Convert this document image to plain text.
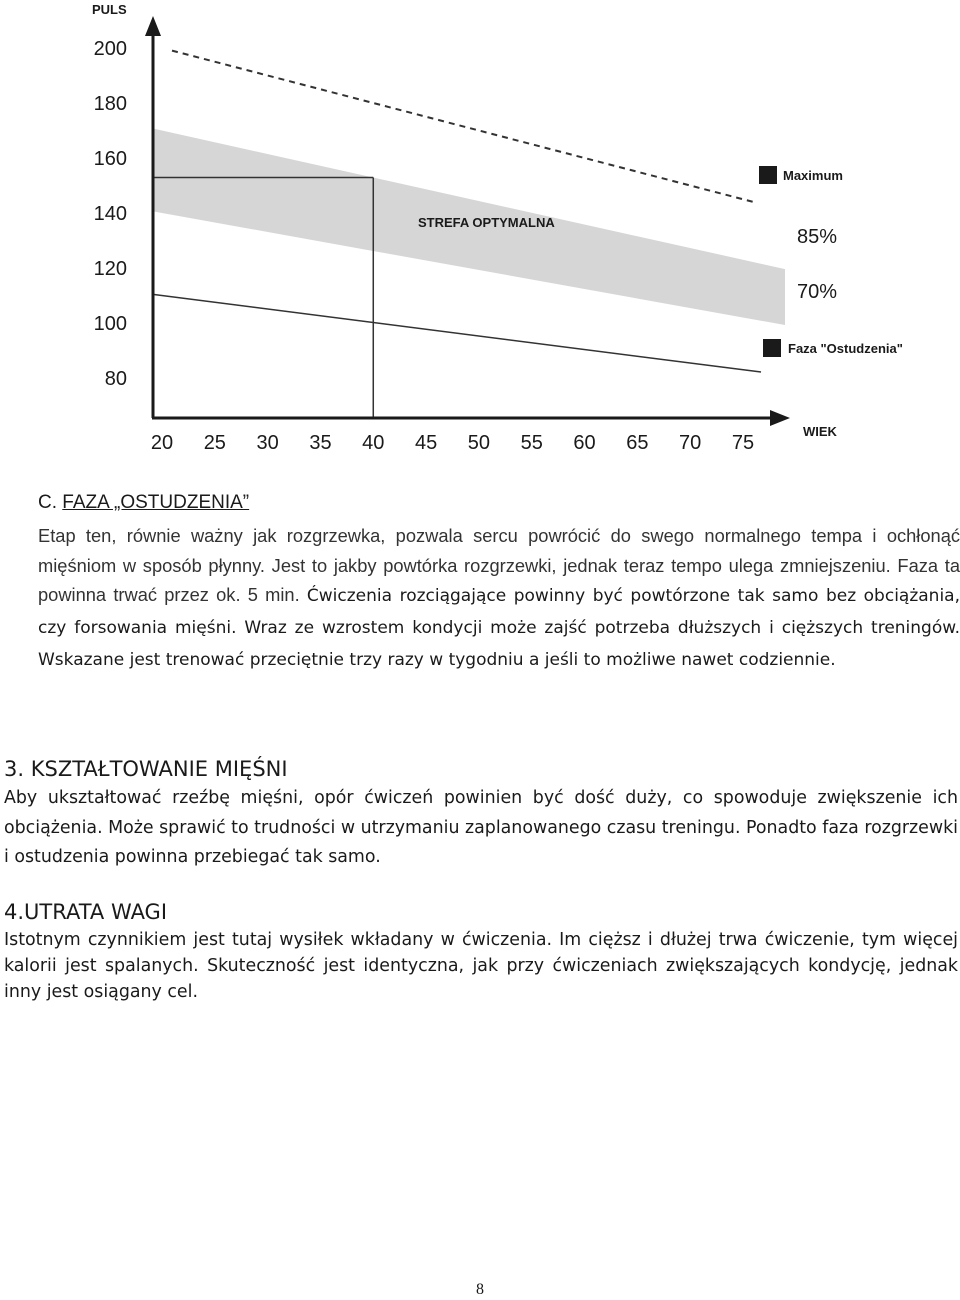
PULS
WIEK
200
180
160
140
120
100
80
20 25 30 35 40 45 50 55 60 65 70 75
STREFA OPTYMALNA
Maximum
85%
70%
Faza "Ostudzenia"
C. FAZA „OSTUDZENIA”
Etap ten, równie ważny jak rozgrzewka, pozwala sercu powrócić do swego normalnego tempa i ochłonąć mięśniom w sposób płynny. Jest to jakby powtórka rozgrzewki, jednak teraz tempo ulega zmniejszeniu. Faza ta powinna trwać przez ok. 5 min. Ćwiczenia rozciągające powinny być powtórzone tak samo bez obciążania, czy forsowania mięśni. Wraz ze wzrostem kondycji może zajść potrzeba dłuższych i cięższych treningów. Wskazane jest trenować przeciętnie trzy razy w tygodniu a jeśli to możliwe nawet codziennie.
3. KSZTAŁTOWANIE MIĘŚNI
Aby ukształtować rzeźbę mięśni, opór ćwiczeń powinien być dość duży, co spowoduje zwiększenie ich obciążenia. Może sprawić to trudności w utrzymaniu zaplanowanego czasu treningu. Ponadto faza rozgrzewki i ostudzenia powinna przebiegać tak samo.
4.UTRATA WAGI
Istotnym czynnikiem jest tutaj wysiłek wkładany w ćwiczenia. Im cięższ i dłużej trwa ćwiczenie, tym więcej kalorii jest spalanych. Skuteczność jest identyczna, jak przy ćwiczeniach zwiększających kondycję, jednak inny jest osiągany cel.
8
